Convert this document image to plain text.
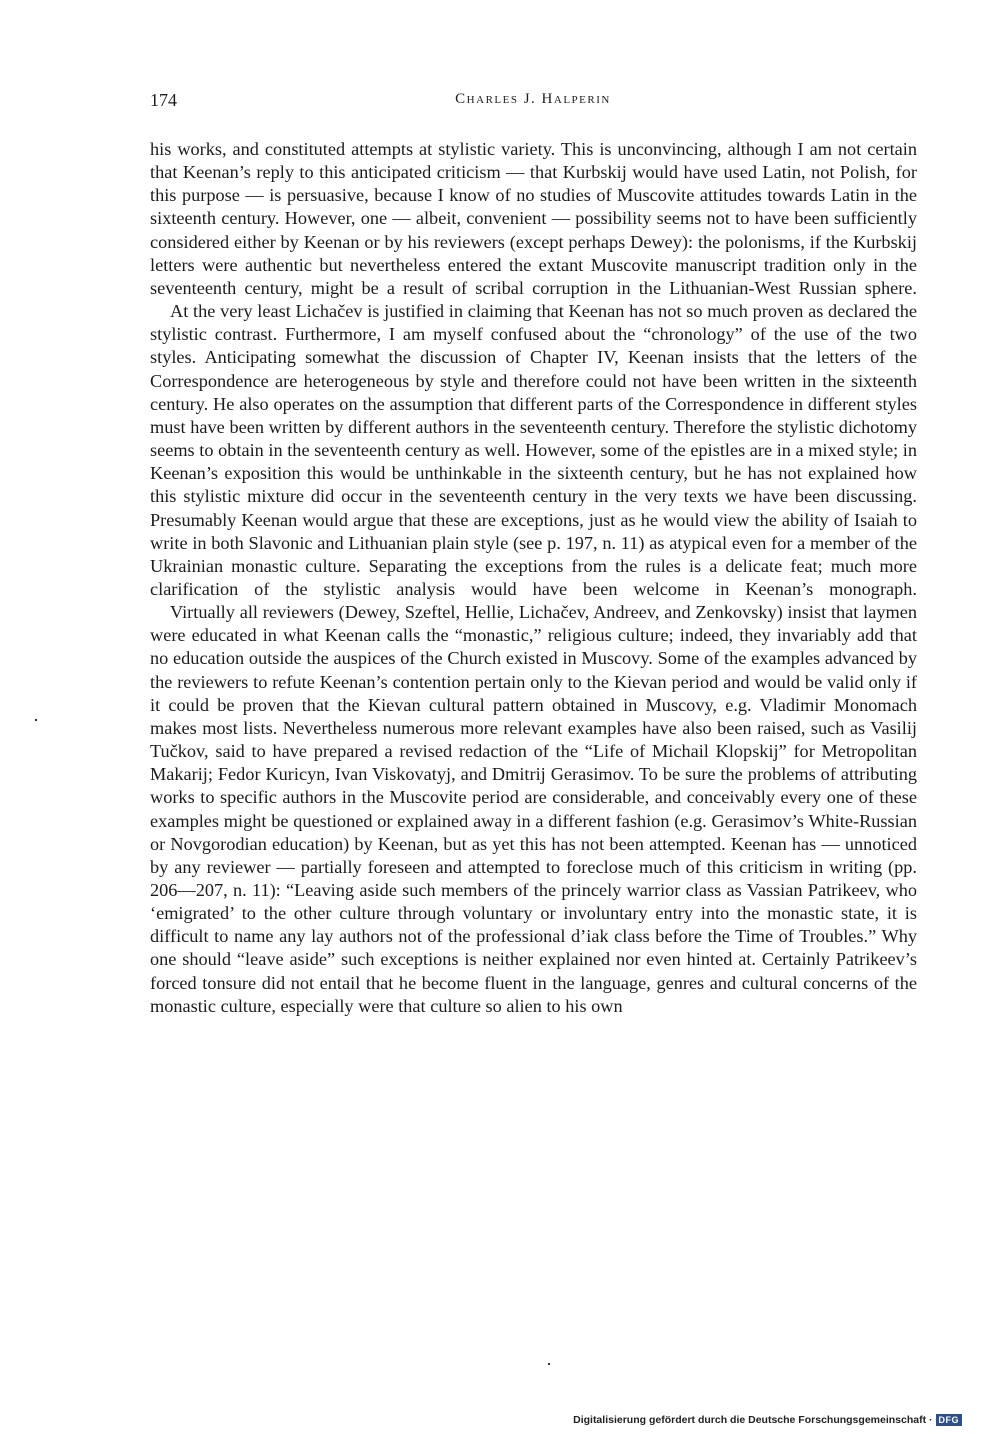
174	Charles J. Halperin

his works, and constituted attempts at stylistic variety. This is unconvincing, although I am not certain that Keenan’s reply to this anticipated criticism — that Kurbskij would have used Latin, not Polish, for this purpose — is persuasive, because I know of no studies of Muscovite attitudes towards Latin in the sixteenth century. However, one — albeit, convenient — possibility seems not to have been sufficiently considered either by Keenan or by his reviewers (except perhaps Dewey): the polonisms, if the Kurbskij letters were authentic but nevertheless entered the extant Muscovite manuscript tradition only in the seventeenth century, might be a result of scribal corruption in the Lithuanian-West Russian sphere.

At the very least Lichačev is justified in claiming that Keenan has not so much proven as declared the stylistic contrast. Furthermore, I am myself confused about the “chronology” of the use of the two styles. Anticipating somewhat the discussion of Chapter IV, Keenan insists that the letters of the Correspondence are heterogeneous by style and therefore could not have been written in the sixteenth century. He also operates on the assumption that different parts of the Correspondence in different styles must have been written by different authors in the seventeenth century. Therefore the stylistic dichotomy seems to obtain in the seventeenth century as well. However, some of the epistles are in a mixed style; in Keenan’s exposition this would be unthinkable in the sixteenth century, but he has not explained how this stylistic mixture did occur in the seventeenth century in the very texts we have been discussing. Presumably Keenan would argue that these are exceptions, just as he would view the ability of Isaiah to write in both Slavonic and Lithuanian plain style (see p. 197, n. 11) as atypical even for a member of the Ukrainian monastic culture. Separating the exceptions from the rules is a delicate feat; much more clarification of the stylistic analysis would have been welcome in Keenan’s monograph.

Virtually all reviewers (Dewey, Szeftel, Hellie, Lichačev, Andreev, and Zenkovsky) insist that laymen were educated in what Keenan calls the “monastic,” religious culture; indeed, they invariably add that no education outside the auspices of the Church existed in Muscovy. Some of the examples advanced by the reviewers to refute Keenan’s contention pertain only to the Kievan period and would be valid only if it could be proven that the Kievan cultural pattern obtained in Muscovy, e.g. Vladimir Monomach makes most lists. Nevertheless numerous more relevant examples have also been raised, such as Vasilij Tučkov, said to have prepared a revised redaction of the “Life of Michail Klopskij” for Metropolitan Makarij; Fedor Kuricyn, Ivan Viskovatyj, and Dmitrij Gerasimov. To be sure the problems of attributing works to specific authors in the Muscovite period are considerable, and conceivably every one of these examples might be questioned or explained away in a different fashion (e.g. Gerasimov’s White-Russian or Novgorodian education) by Keenan, but as yet this has not been attempted. Keenan has — unnoticed by any reviewer — partially foreseen and attempted to foreclose much of this criticism in writing (pp. 206—207, n. 11): “Leaving aside such members of the princely warrior class as Vassian Patrikeev, who ‘emigrated’ to the other culture through voluntary or involuntary entry into the monastic state, it is difficult to name any lay authors not of the professional d’iak class before the Time of Troubles.” Why one should “leave aside” such exceptions is neither explained nor even hinted at. Certainly Patrikeev’s forced tonsure did not entail that he become fluent in the language, genres and cultural concerns of the monastic culture, especially were that culture so alien to his own

Digitalisierung gefördert durch die Deutsche Forschungsgemeinschaft · DFG
